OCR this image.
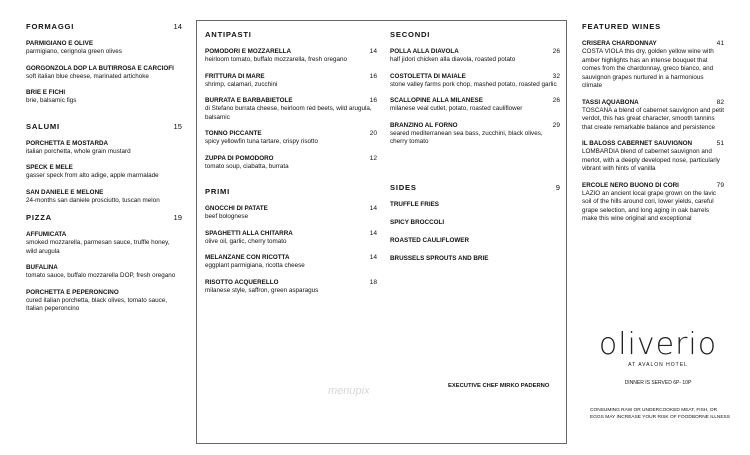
FORMAGGI	14
PARMIGIANO E OLIVE
parmigiano, cerignola green olives
GORGONZOLA DOP LA BUTIRROSA E CARCIOFI
soft italian blue cheese, marinated artichoke
BRIE E FICHI
brie, balsamic figs
SALUMI	15
PORCHETTA E MOSTARDA
italian porchetta, whole grain mustard
SPECK E MELE
gasser speck from alto adige, apple marmalade
SAN DANIELE E MELONE
24-months san daniele prosciutto, tuscan melon
PIZZA	19
AFFUMICATA
smoked mozzarella, parmesan sauce, truffle honey, wild arugula
BUFALINA
tomato sauce, buffalo mozzarella DOP, fresh oregano
PORCHETTA E PEPERONCINO
cured italian porchetta, black olives, tomato sauce, Italian peperoncino
ANTIPASTI
POMODORI E MOZZARELLA	14
heirloom tomato, buffalo mozzarella, fresh oregano
FRITTURA DI MARE	16
shrimp, calamari, zucchini
BURRATA E BARBABIETOLE	16
di Stefano burrata cheese, heirloom red beets, wild arugula, balsamic
TONNO PICCANTE	20
spicy yellowfin tuna tartare, crispy risotto
ZUPPA DI POMODORO	12
tomato soup, ciabatta, burrata
PRIMI
GNOCCHI DI PATATE	14
beef bolognese
SPAGHETTI ALLA CHITARRA	14
olive oil, garlic, cherry tomato
MELANZANE CON RICOTTA	14
eggplant parmigiana, ricotta cheese
RISOTTO ACQUERELLO	18
milanese style, saffron, green asparagus
SECONDI
POLLA ALLA DIAVOLA	26
half jidori chicken alla diavola, roasted potato
COSTOLETTA DI MAIALE	32
stone valley farms pork chop, mashed potato, roasted garlic
SCALLOPINE ALLA MILANESE	26
milanese veal cutlet, potato, roasted cauliflower
BRANZINO AL FORNO	29
seared mediterranean sea bass, zucchini, black olives, cherry tomato
SIDES	9
TRUFFLE FRIES
SPICY BROCCOLI
ROASTED CAULIFLOWER
BRUSSELS SPROUTS AND BRIE
FEATURED WINES
CRISERA CHARDONNAY	41
COSTA VIOLA this dry, golden yellow wine with amber highlights has an intense bouquet that comes from the chardonnay, greco bianco, and sauvignon grapes nurtured in a harmonious climate
TASSI AQUABONA	82
TOSCANA a blend of cabernet sauvignon and petit verdot, this has great character, smooth tannins that create remarkable balance and persistence
IL BALOSS CABERNET SAUVIGNON	51
LOMBARDIA blend of cabernet sauvignon and merlot, with a deeply developed nose, particularly vibrant with hints of vanilla
ERCOLE NERO BUONO DI CORI	79
LAZIO an ancient local grape grown on the lavic soil of the hills around cori, lower yields, careful grape selection, and long aging in oak barrels make this wine original and exceptional
menupix	EXECUTIVE CHEF MIRKO PADERNO
oliverio
AT AVALON HOTEL
DINNER IS SERVED 6P- 10P
CONSUMING RAW OR UNDERCOOKED MEAT, FISH, OR EGGS MAY INCREASE YOUR RISK OF FOODBORNE ILLNESS
